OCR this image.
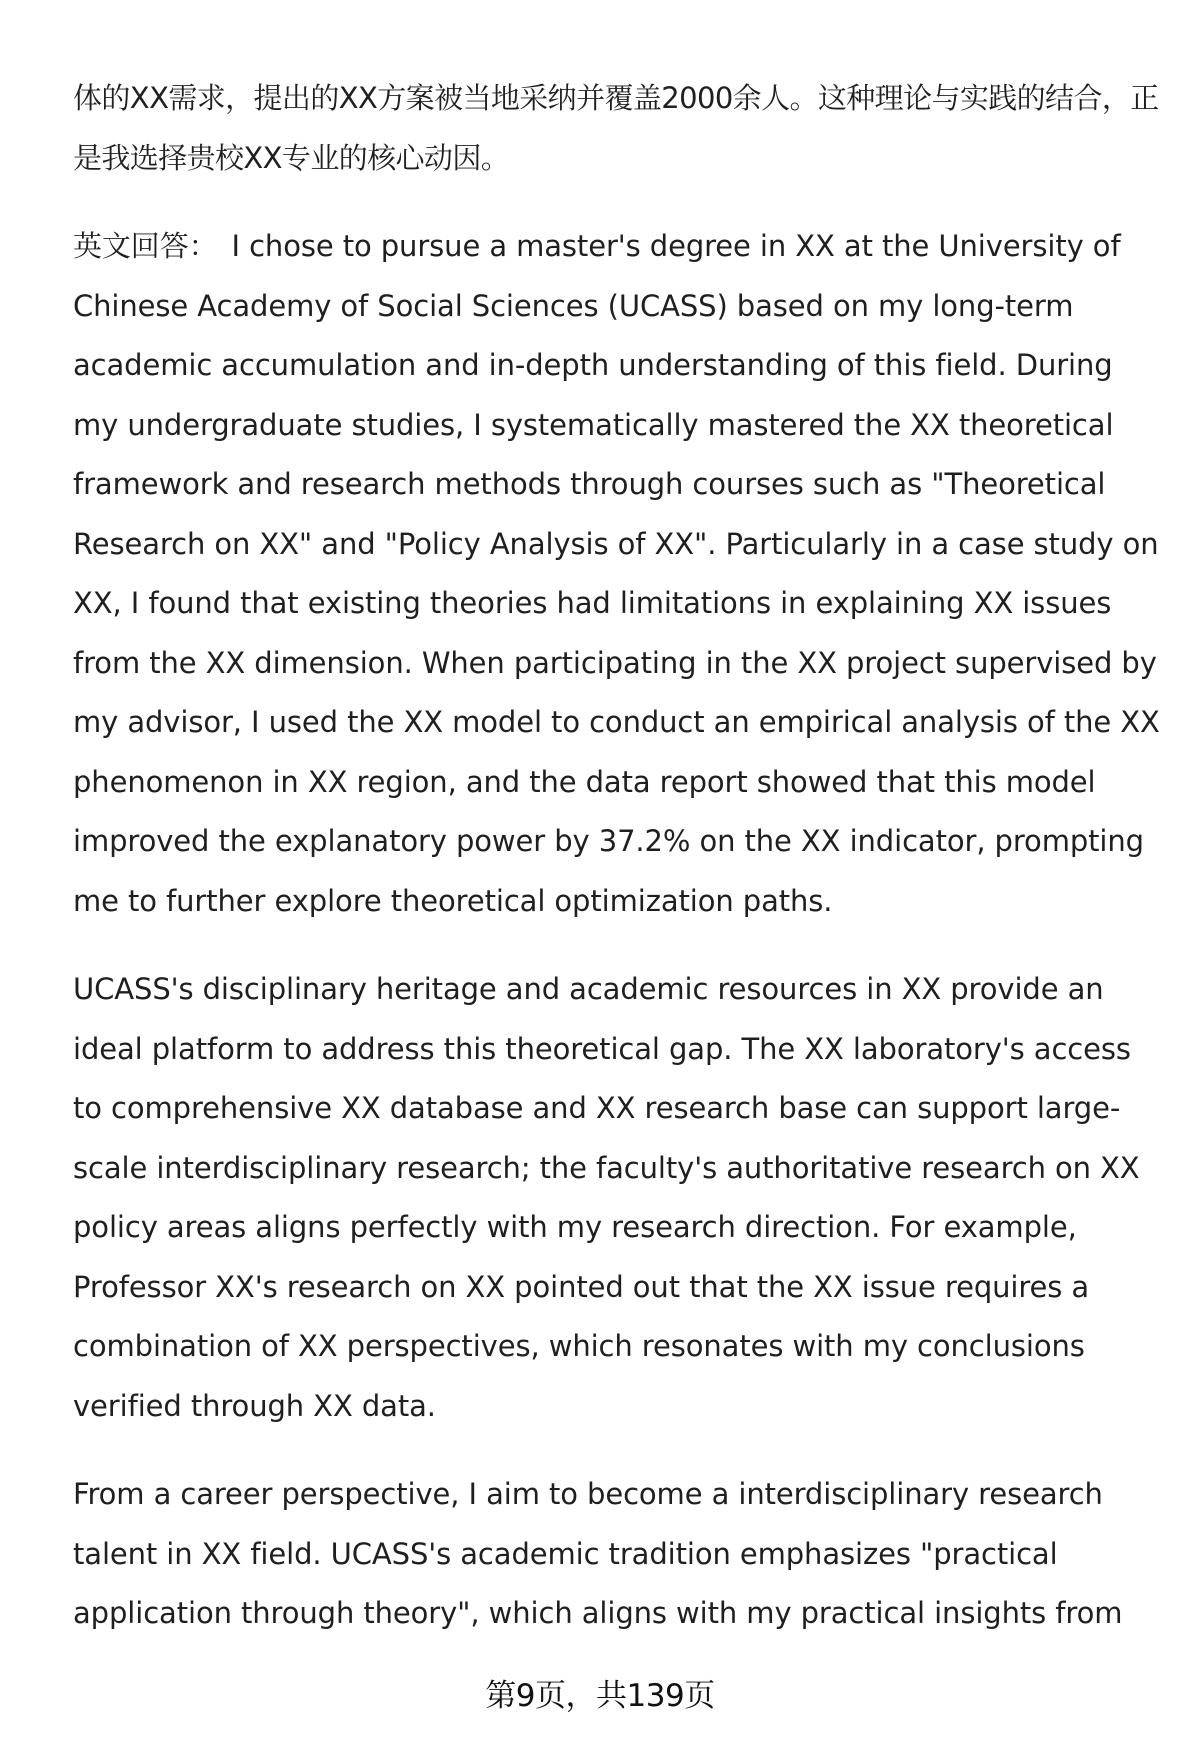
体的XX需求，提出的XX方案被当地采纳并覆盖2000余人。这种理论与实践的结合，正是我选择贵校XX专业的核心动因。

英文回答： I chose to pursue a master's degree in XX at the University of Chinese Academy of Social Sciences (UCASS) based on my long-term academic accumulation and in-depth understanding of this field. During my undergraduate studies, I systematically mastered the XX theoretical framework and research methods through courses such as "Theoretical Research on XX" and "Policy Analysis of XX". Particularly in a case study on XX, I found that existing theories had limitations in explaining XX issues from the XX dimension. When participating in the XX project supervised by my advisor, I used the XX model to conduct an empirical analysis of the XX phenomenon in XX region, and the data report showed that this model improved the explanatory power by 37.2% on the XX indicator, prompting me to further explore theoretical optimization paths.

UCASS's disciplinary heritage and academic resources in XX provide an ideal platform to address this theoretical gap. The XX laboratory's access to comprehensive XX database and XX research base can support large-scale interdisciplinary research; the faculty's authoritative research on XX policy areas aligns perfectly with my research direction. For example, Professor XX's research on XX pointed out that the XX issue requires a combination of XX perspectives, which resonates with my conclusions verified through XX data.

From a career perspective, I aim to become a interdisciplinary research talent in XX field. UCASS's academic tradition emphasizes "practical application through theory", which aligns with my practical insights from

第9页，共139页
